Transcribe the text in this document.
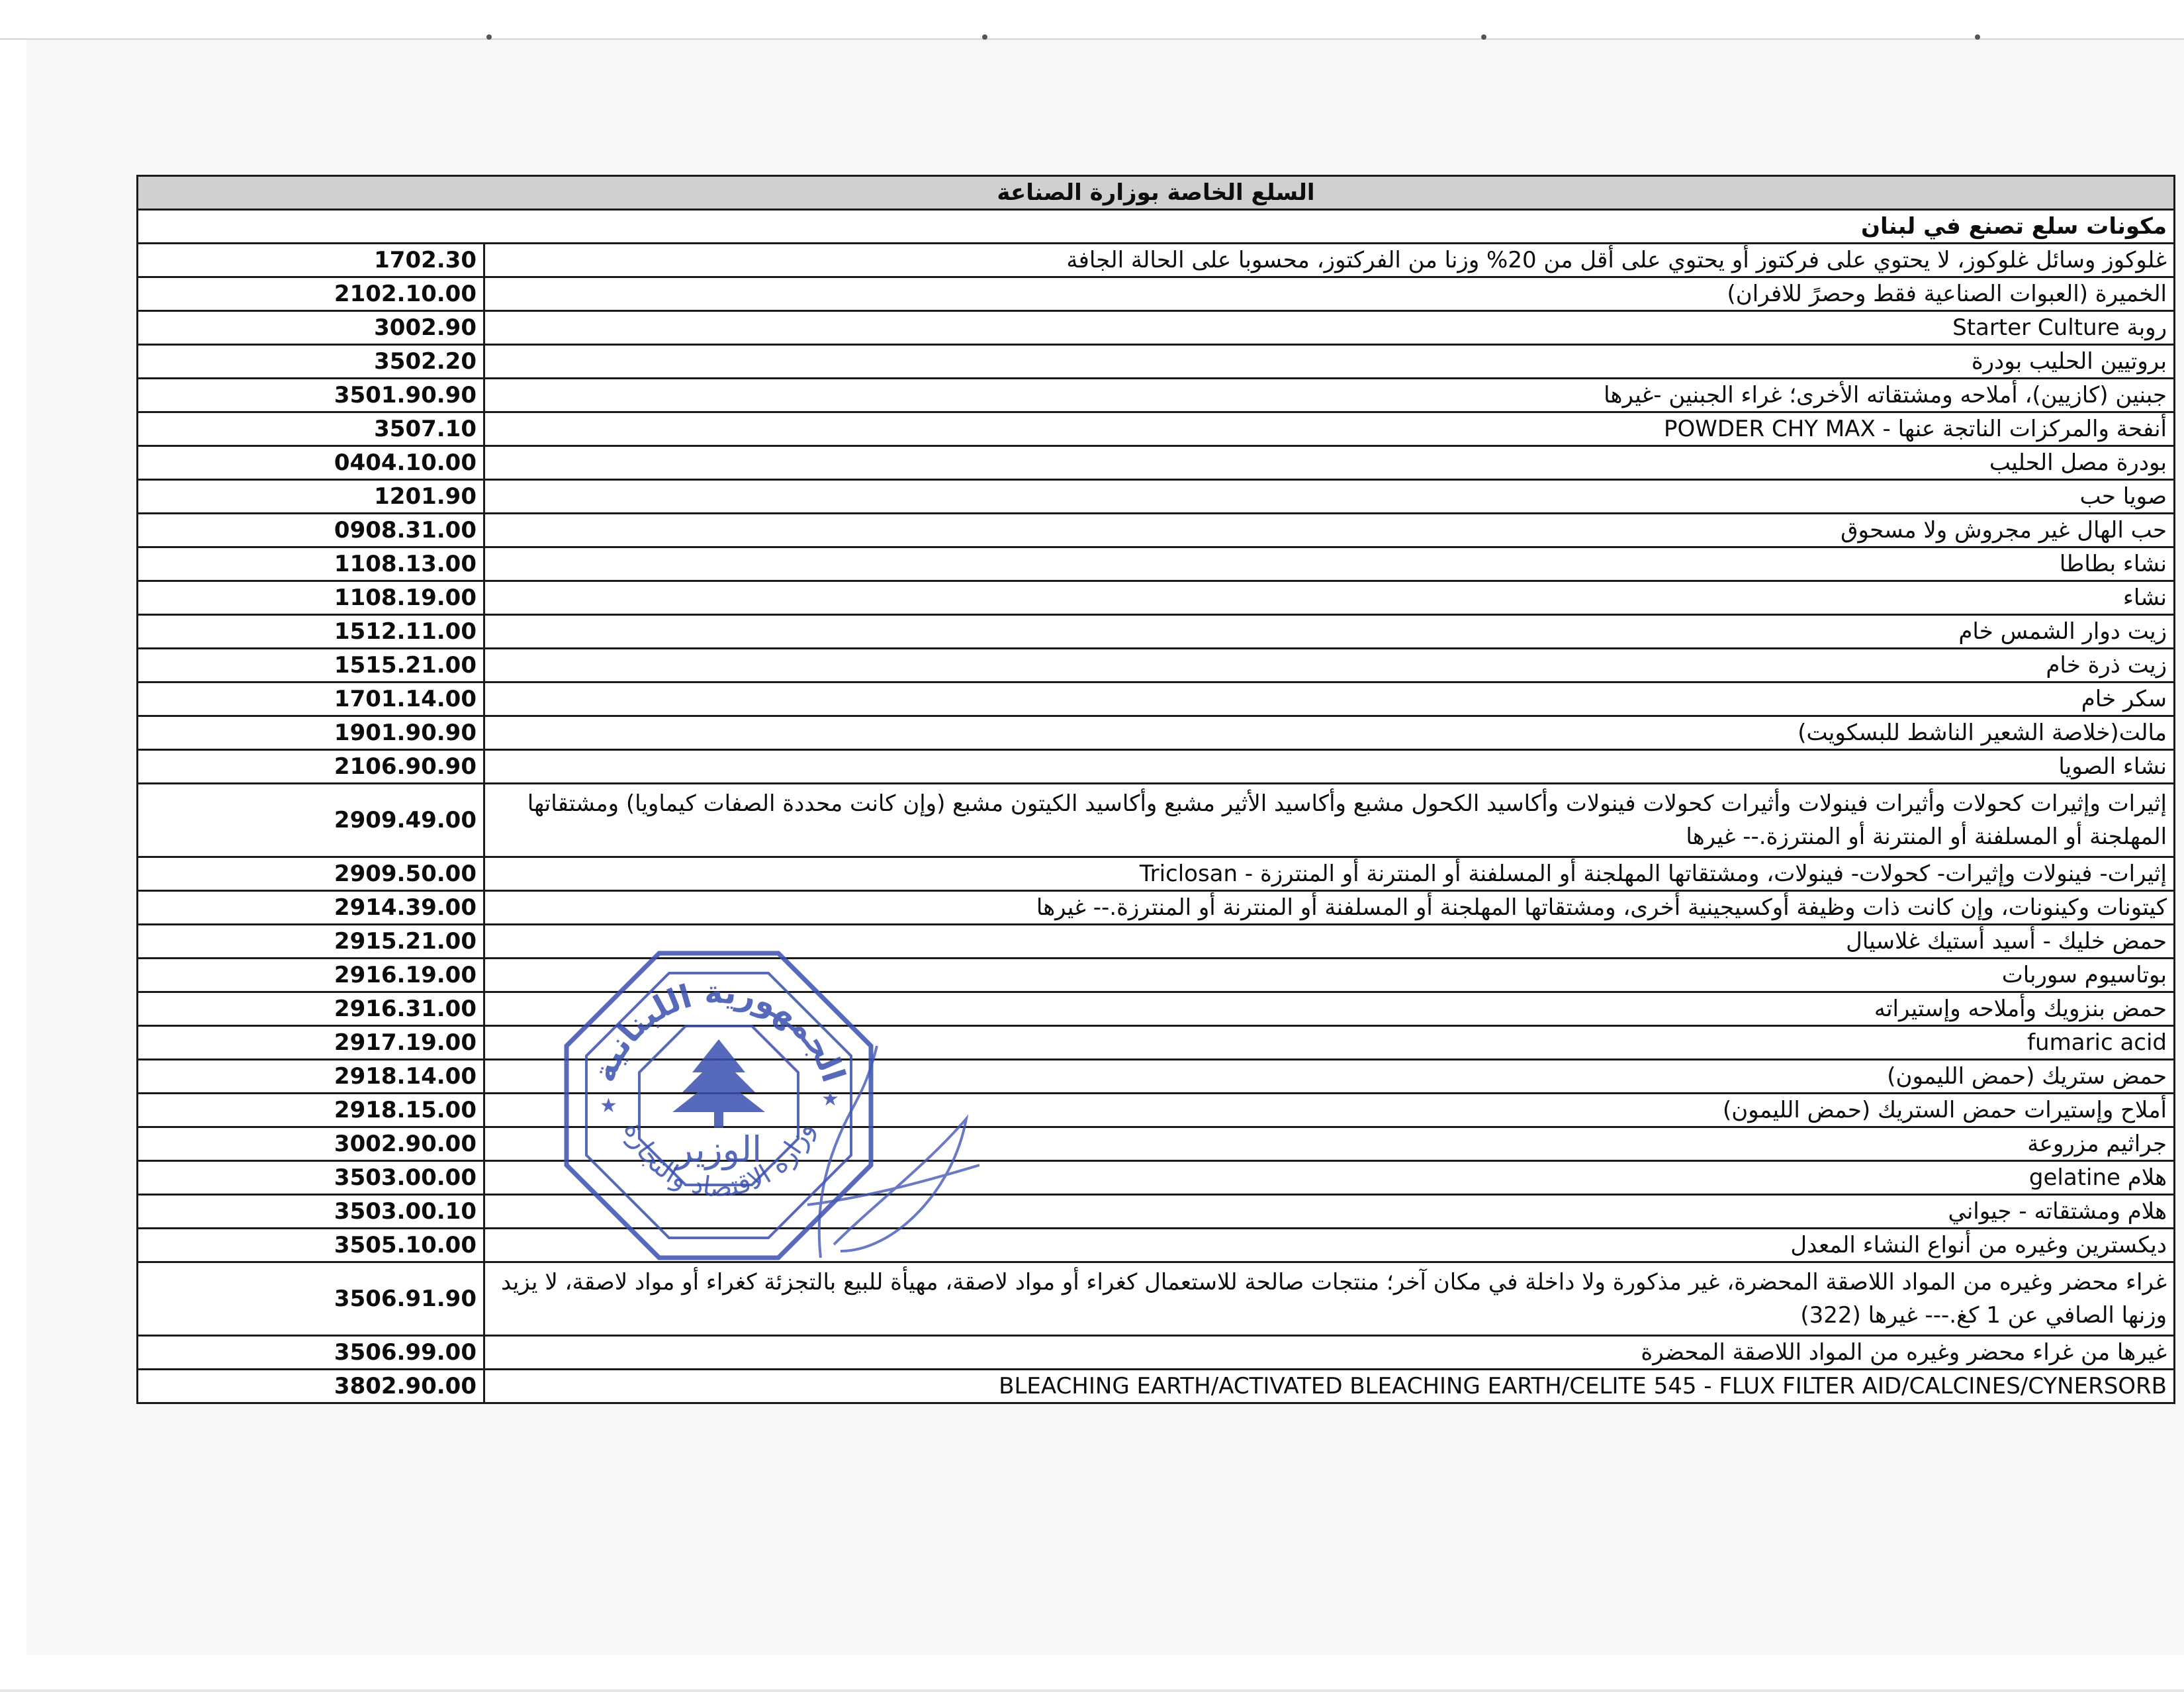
السلع الخاصة بوزارة الصناعة	
مكونات سلع تصنع في لبنان	
1702.30	غلوكوز وسائل غلوكوز، لا يحتوي على فركتوز أو يحتوي على أقل من 20% وزنا من الفركتوز، محسوبا على الحالة الجافة
2102.10.00	الخميرة (العبوات الصناعية فقط وحصرً للافران)
3002.90	روبة Starter Culture
3502.20	بروتيين الحليب بودرة
3501.90.90	جبنين (كازيين)، أملاحه ومشتقاته الأخرى؛ غراء الجبنين -غيرها
3507.10	أنفحة والمركزات الناتجة عنها - POWDER CHY MAX
0404.10.00	بودرة مصل الحليب
1201.90	صويا حب
0908.31.00	حب الهال غير مجروش ولا مسحوق
1108.13.00	نشاء بطاطا
1108.19.00	نشاء
1512.11.00	زيت دوار الشمس خام
1515.21.00	زيت ذرة خام
1701.14.00	سكر خام
1901.90.90	مالت(خلاصة الشعير الناشط للبسكويت)
2106.90.90	نشاء الصويا
2909.49.00	إثيرات وإثيرات كحولات وأثيرات فينولات وأثيرات كحولات فينولات وأكاسيد الكحول مشبع وأكاسيد الأثير مشبع وأكاسيد الكيتون مشبع (وإن كانت محددة الصفات كيماويا) ومشتقاتها المهلجنة أو المسلفنة أو المنترنة أو المنترزة.-- غيرها
2909.50.00	إثيرات- فينولات وإثيرات- كحولات- فينولات، ومشتقاتها المهلجنة أو المسلفنة أو المنترنة أو المنترزة - Triclosan
2914.39.00	كيتونات وكينونات، وإن كانت ذات وظيفة أوكسيجينية أخرى، ومشتقاتها المهلجنة أو المسلفنة أو المنترنة أو المنترزة.-- غيرها
2915.21.00	حمض خليك - أسيد أستيك غلاسيال
2916.19.00	بوتاسيوم سوربات
2916.31.00	حمض بنزويك وأملاحه وإستيراته
2917.19.00	fumaric acid
2918.14.00	حمض ستريك (حمض الليمون)
2918.15.00	أملاح وإستيرات حمض الستريك (حمض الليمون)
3002.90.00	جراثيم مزروعة
3503.00.00	هلام gelatine
3503.00.10	هلام ومشتقاته - جيواني
3505.10.00	ديكسترين وغيره من أنواع النشاء المعدل
3506.91.90	غراء محضر وغيره من المواد اللاصقة المحضرة، غير مذكورة ولا داخلة في مكان آخر؛ منتجات صالحة للاستعمال كغراء أو مواد لاصقة، مهيأة للبيع بالتجزئة كغراء أو مواد لاصقة، لا يزيد وزنها الصافي عن 1 كغ.--- غيرها (322)
3506.99.00	غيرها من غراء محضر وغيره من المواد اللاصقة المحضرة
3802.90.00	BLEACHING EARTH/ACTIVATED BLEACHING EARTH/CELITE 545 - FLUX FILTER AID/CALCINES/CYNERSORB
الجمهورية اللبنانية
وزارة الاقتصاد والتجارة
الوزير
★	★
